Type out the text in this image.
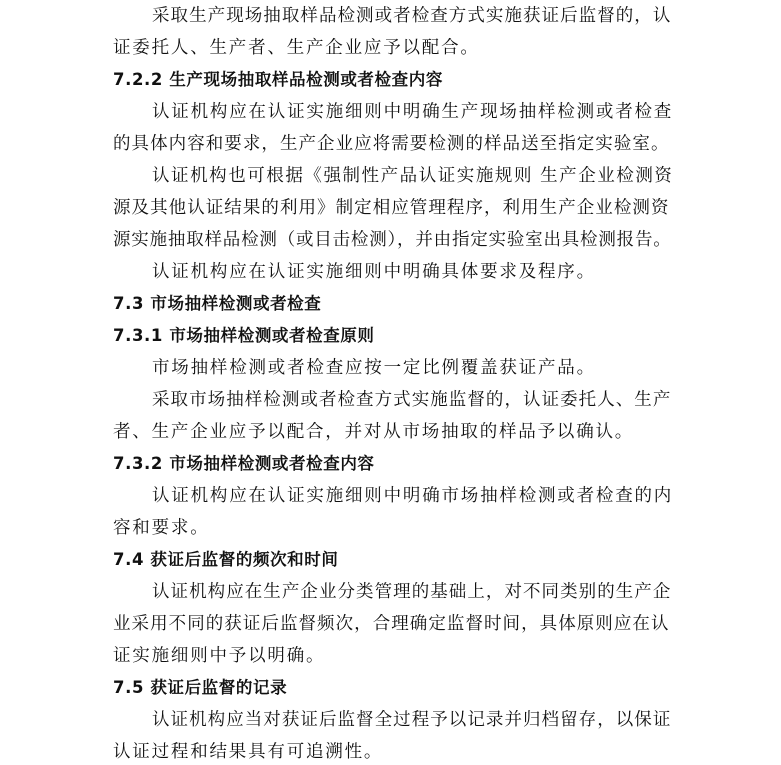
采取生产现场抽取样品检测或者检查方式实施获证后监督的，认
证委托人、生产者、生产企业应予以配合。
7.2.2 生产现场抽取样品检测或者检查内容
认证机构应在认证实施细则中明确生产现场抽样检测或者检查
的具体内容和要求，生产企业应将需要检测的样品送至指定实验室。
认证机构也可根据《强制性产品认证实施规则 生产企业检测资
源及其他认证结果的利用》制定相应管理程序，利用生产企业检测资
源实施抽取样品检测（或目击检测），并由指定实验室出具检测报告。
认证机构应在认证实施细则中明确具体要求及程序。
7.3 市场抽样检测或者检查
7.3.1 市场抽样检测或者检查原则
市场抽样检测或者检查应按一定比例覆盖获证产品。
采取市场抽样检测或者检查方式实施监督的，认证委托人、生产
者、生产企业应予以配合，并对从市场抽取的样品予以确认。
7.3.2 市场抽样检测或者检查内容
认证机构应在认证实施细则中明确市场抽样检测或者检查的内
容和要求。
7.4 获证后监督的频次和时间
认证机构应在生产企业分类管理的基础上，对不同类别的生产企
业采用不同的获证后监督频次，合理确定监督时间，具体原则应在认
证实施细则中予以明确。
7.5 获证后监督的记录
认证机构应当对获证后监督全过程予以记录并归档留存，以保证
认证过程和结果具有可追溯性。
